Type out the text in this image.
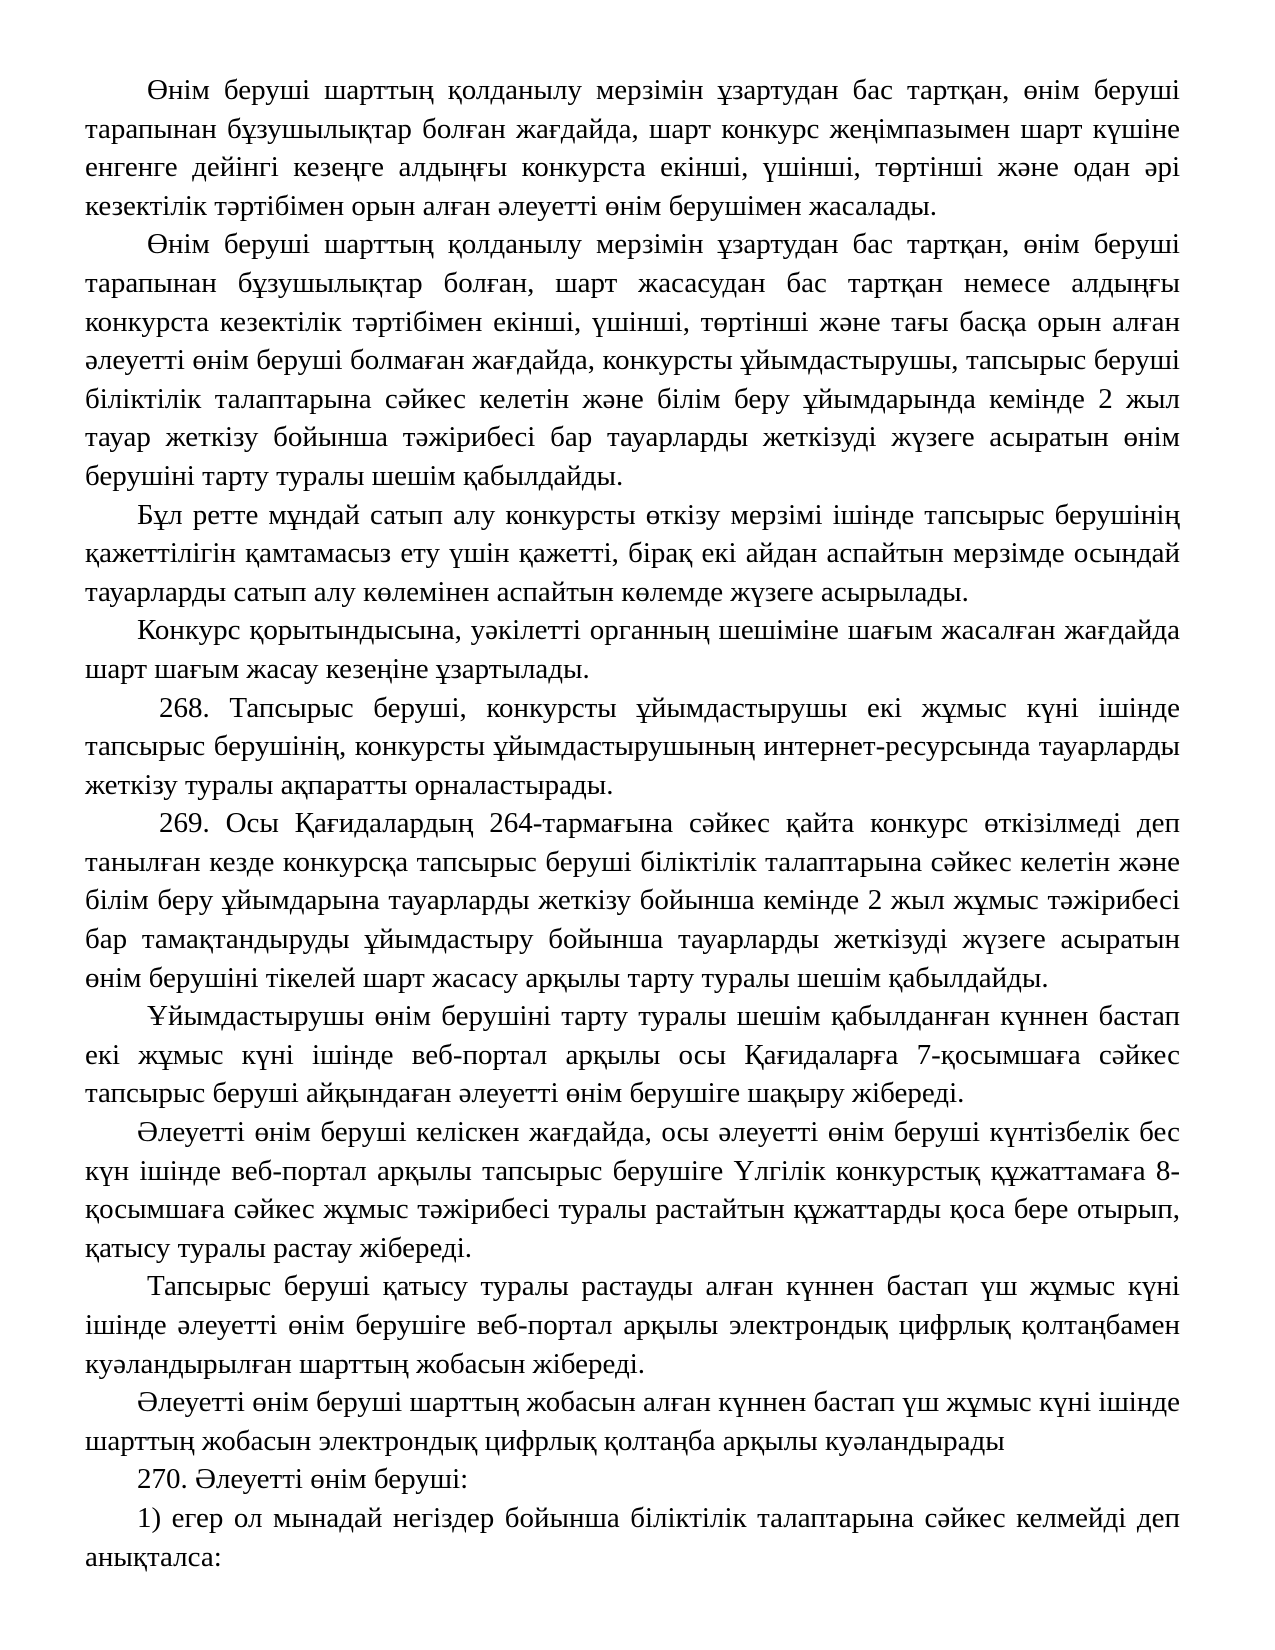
Өнім беруші шарттың қолданылу мерзімін ұзартудан бас тартқан, өнім беруші тарапынан бұзушылықтар болған жағдайда, шарт конкурс жеңімпазымен шарт күшіне енгенге дейінгі кезеңге алдыңғы конкурста екінші, үшінші, төртінші және одан әрі кезектілік тәртібімен орын алған әлеуетті өнім берушімен жасалады.

Өнім беруші шарттың қолданылу мерзімін ұзартудан бас тартқан, өнім беруші тарапынан бұзушылықтар болған, шарт жасасудан бас тартқан немесе алдыңғы конкурста кезектілік тәртібімен екінші, үшінші, төртінші және тағы басқа орын алған әлеуетті өнім беруші болмаған жағдайда, конкурсты ұйымдастырушы, тапсырыс беруші біліктілік талаптарына сәйкес келетін және білім беру ұйымдарында кемінде 2 жыл тауар жеткізу бойынша тәжірибесі бар тауарларды жеткізуді жүзеге асыратын өнім берушіні тарту туралы шешім қабылдайды.

Бұл ретте мұндай сатып алу конкурсты өткізу мерзімі ішінде тапсырыс берушінің қажеттілігін қамтамасыз ету үшін қажетті, бірақ екі айдан аспайтын мерзімде осындай тауарларды сатып алу көлемінен аспайтын көлемде жүзеге асырылады.

Конкурс қорытындысына, уәкілетті органның шешіміне шағым жасалған жағдайда шарт шағым жасау кезеңіне ұзартылады.

268. Тапсырыс беруші, конкурсты ұйымдастырушы екі жұмыс күні ішінде тапсырыс берушінің, конкурсты ұйымдастырушының интернет-ресурсында тауарларды жеткізу туралы ақпаратты орналастырады.

269. Осы Қағидалардың 264-тармағына сәйкес қайта конкурс өткізілмеді деп танылған кезде конкурсқа тапсырыс беруші біліктілік талаптарына сәйкес келетін және білім беру ұйымдарына тауарларды жеткізу бойынша кемінде 2 жыл жұмыс тәжірибесі бар тамақтандыруды ұйымдастыру бойынша тауарларды жеткізуді жүзеге асыратын өнім берушіні тікелей шарт жасасу арқылы тарту туралы шешім қабылдайды.

Ұйымдастырушы өнім берушіні тарту туралы шешім қабылданған күннен бастап екі жұмыс күні ішінде веб-портал арқылы осы Қағидаларға 7-қосымшаға сәйкес тапсырыс беруші айқындаған әлеуетті өнім берушіге шақыру жібереді.

Әлеуетті өнім беруші келіскен жағдайда, осы әлеуетті өнім беруші күнтізбелік бес күн ішінде веб-портал арқылы тапсырыс берушіге Үлгілік конкурстық құжаттамаға 8-қосымшаға сәйкес жұмыс тәжірибесі туралы растайтын құжаттарды қоса бере отырып, қатысу туралы растау жібереді.

Тапсырыс беруші қатысу туралы растауды алған күннен бастап үш жұмыс күні ішінде әлеуетті өнім берушіге веб-портал арқылы электрондық цифрлық қолтаңбамен куәландырылған шарттың жобасын жібереді.

Әлеуетті өнім беруші шарттың жобасын алған күннен бастап үш жұмыс күні ішінде шарттың жобасын электрондық цифрлық қолтаңба арқылы куәландырады

270. Әлеуетті өнім беруші:

1) егер ол мынадай негіздер бойынша біліктілік талаптарына сәйкес келмейді деп анықталса:
